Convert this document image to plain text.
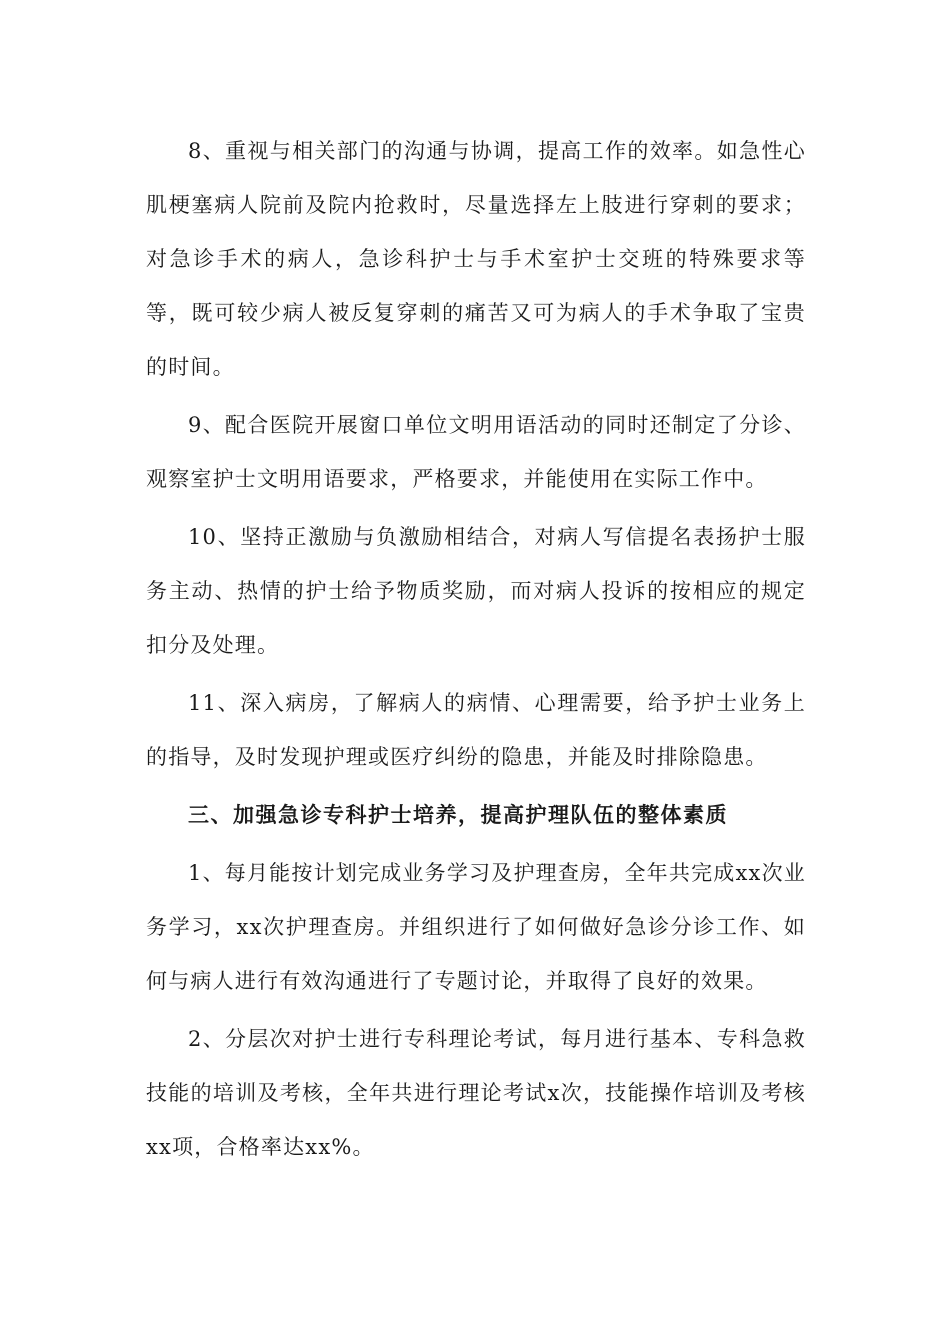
8、重视与相关部门的沟通与协调，提高工作的效率。如急性心肌梗塞病人院前及院内抢救时，尽量选择左上肢进行穿刺的要求；对急诊手术的病人，急诊科护士与手术室护士交班的特殊要求等等，既可较少病人被反复穿刺的痛苦又可为病人的手术争取了宝贵的时间。

9、配合医院开展窗口单位文明用语活动的同时还制定了分诊、观察室护士文明用语要求，严格要求，并能使用在实际工作中。

10、坚持正激励与负激励相结合，对病人写信提名表扬护士服务主动、热情的护士给予物质奖励，而对病人投诉的按相应的规定扣分及处理。

11、深入病房，了解病人的病情、心理需要，给予护士业务上的指导，及时发现护理或医疗纠纷的隐患，并能及时排除隐患。

三、加强急诊专科护士培养，提高护理队伍的整体素质

1、每月能按计划完成业务学习及护理查房，全年共完成xx次业务学习，xx次护理查房。并组织进行了如何做好急诊分诊工作、如何与病人进行有效沟通进行了专题讨论，并取得了良好的效果。

2、分层次对护士进行专科理论考试，每月进行基本、专科急救技能的培训及考核，全年共进行理论考试x次，技能操作培训及考核xx项，合格率达xx%。
